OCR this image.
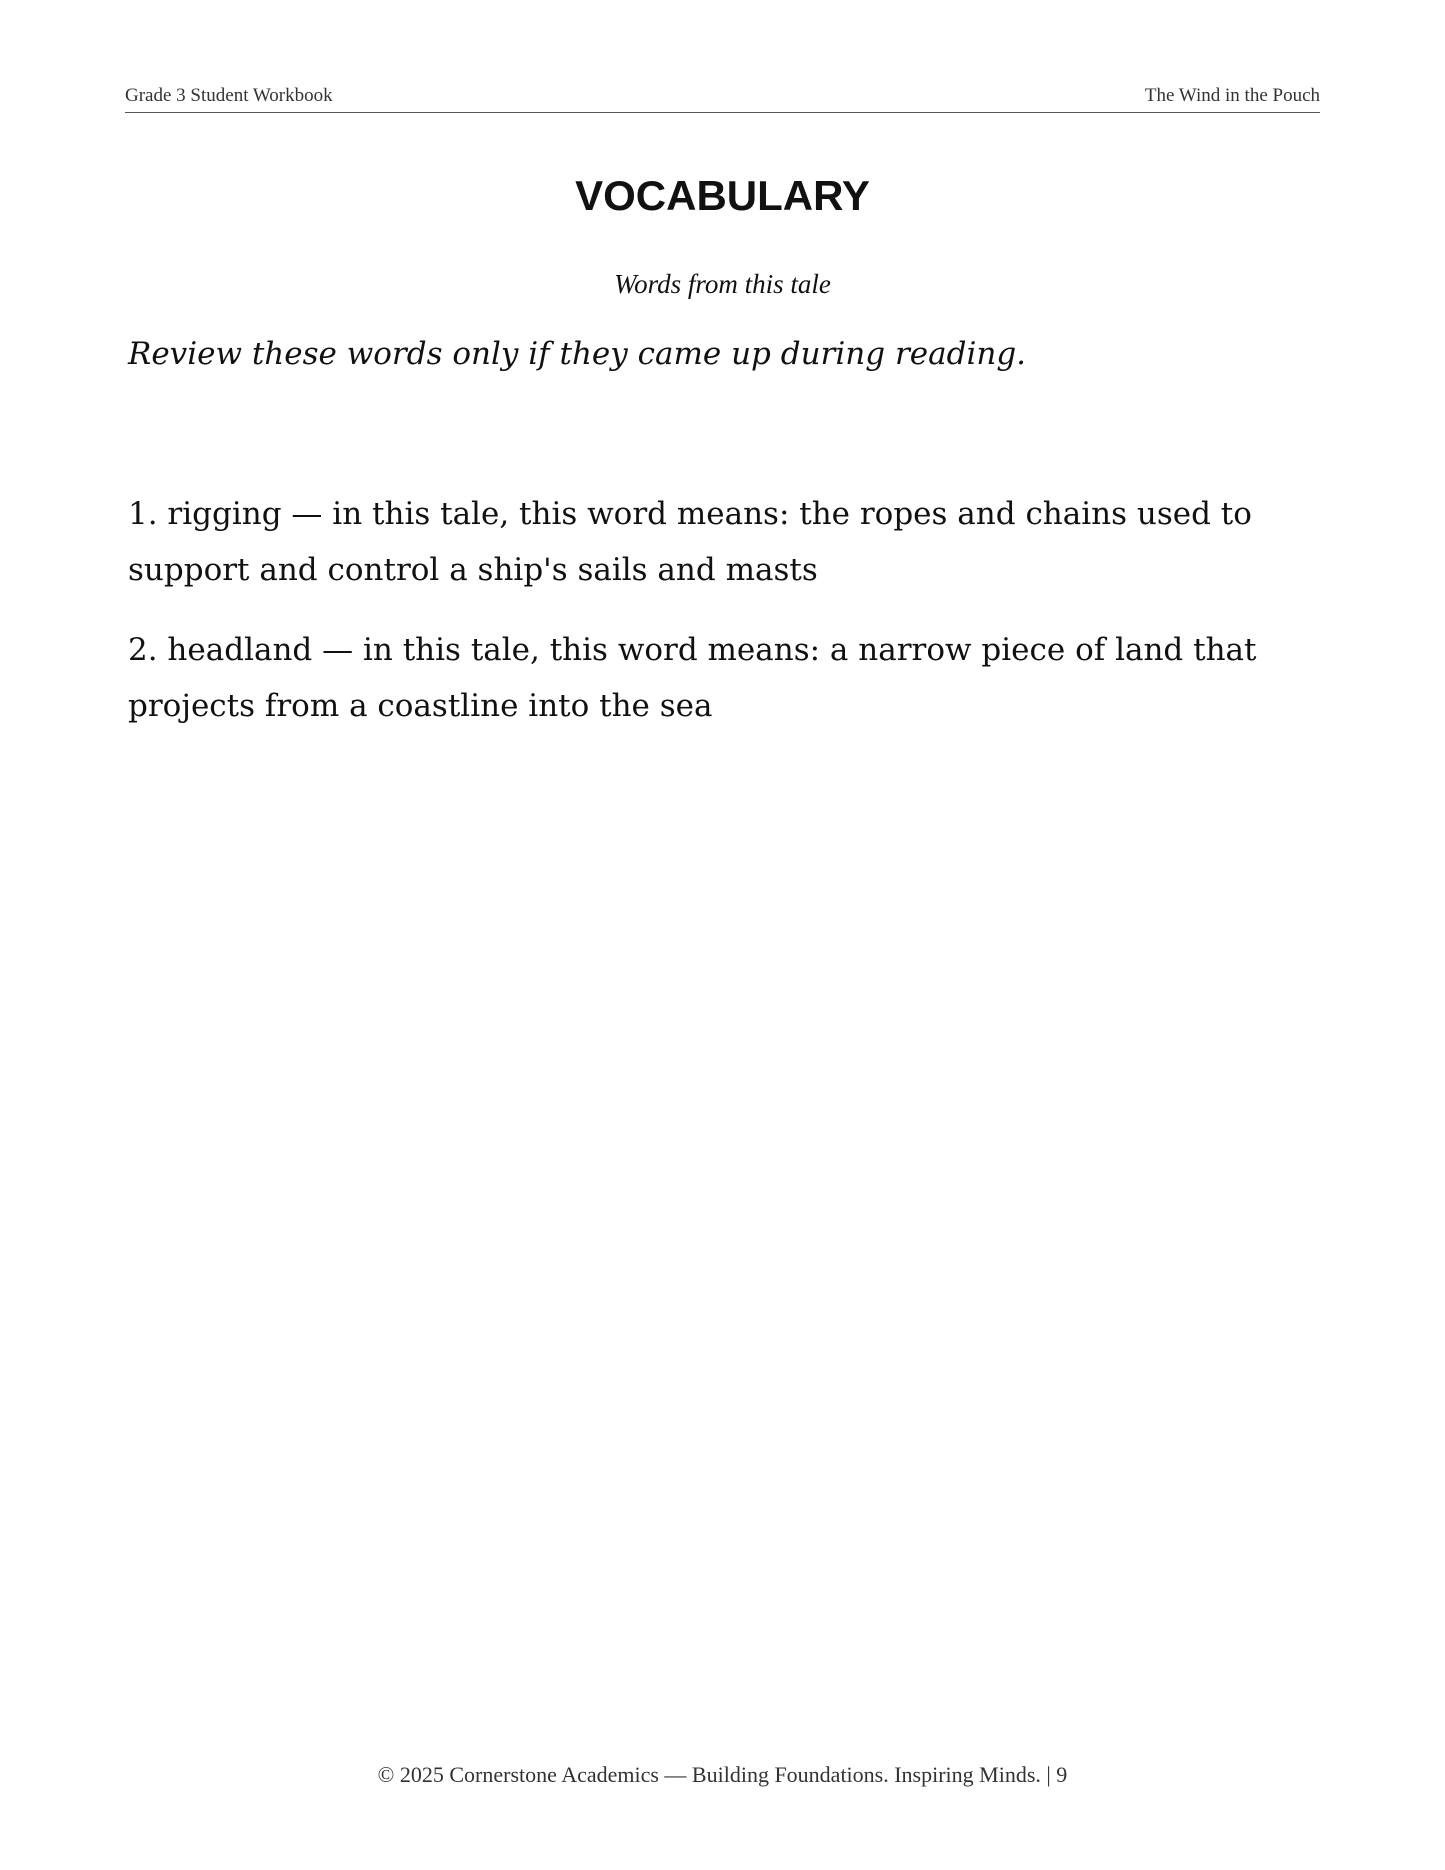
Grade 3 Student Workbook	The Wind in the Pouch
VOCABULARY
Words from this tale
Review these words only if they came up during reading.
1. rigging — in this tale, this word means: the ropes and chains used to support and control a ship's sails and masts
2. headland — in this tale, this word means: a narrow piece of land that projects from a coastline into the sea
© 2025 Cornerstone Academics — Building Foundations. Inspiring Minds. | 9
